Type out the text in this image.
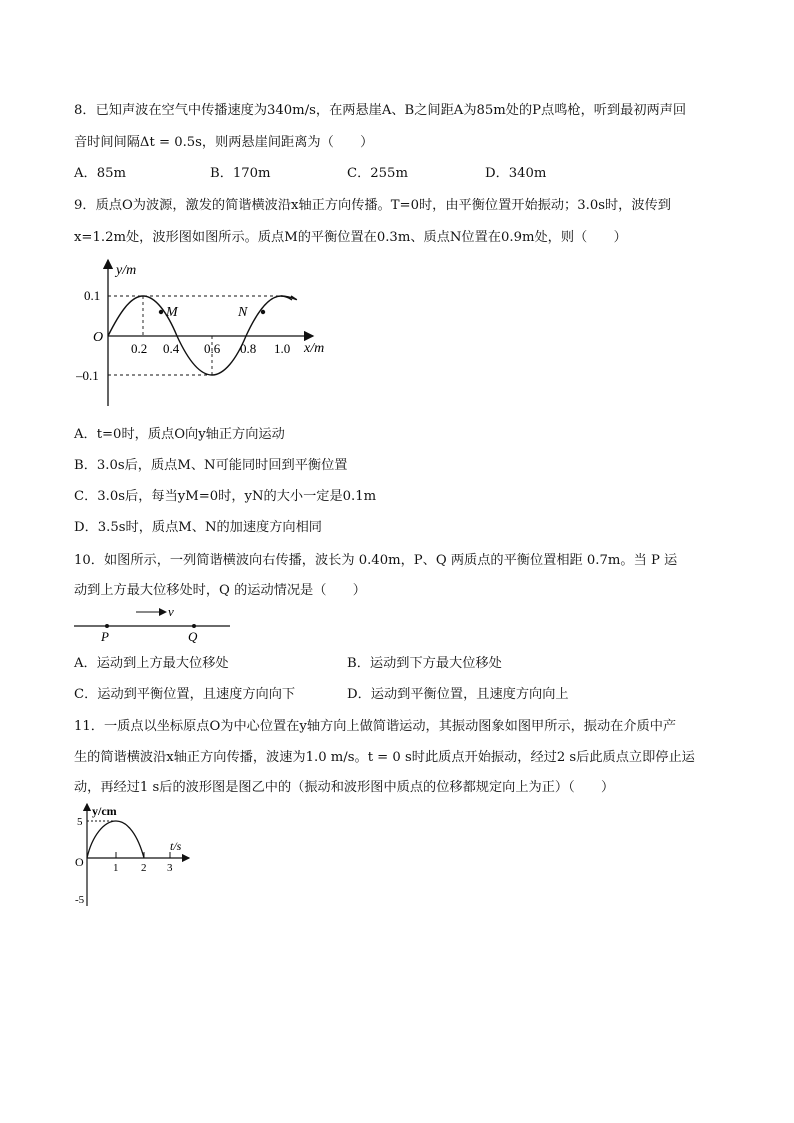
8．已知声波在空气中传播速度为340m/s，在两悬崖A、B之间距A为85m处的P点鸣枪，听到最初两声回
音时间间隔Δt = 0.5s，则两悬崖间距离为（　　）
A．85m	B．170m	C．255m	D．340m
9．质点O为波源，激发的简谐横波沿x轴正方向传播。T=0时，由平衡位置开始振动；3.0s时，波传到
x=1.2m处，波形图如图所示。质点M的平衡位置在0.3m、质点N位置在0.9m处，则（　　）
y/m
x/m
O
0.1
–0.1
0.2 0.4 0.6 0.8 1.0
M	N
A．t=0时，质点O向y轴正方向运动
B．3.0s后，质点M、N可能同时回到平衡位置
C．3.0s后，每当yM=0时，yN的大小一定是0.1m
D．3.5s时，质点M、N的加速度方向相同
10．如图所示，一列简谐横波向右传播，波长为 0.40m，P、Q 两质点的平衡位置相距 0.7m。当 P 运
动到上方最大位移处时，Q 的运动情况是（　　）
v
P	Q
A．运动到上方最大位移处	B．运动到下方最大位移处
C．运动到平衡位置，且速度方向向下	D．运动到平衡位置，且速度方向向上
11．一质点以坐标原点O为中心位置在y轴方向上做简谐运动，其振动图象如图甲所示，振动在介质中产
生的简谐横波沿x轴正方向传播，波速为1.0 m/s。t = 0 s时此质点开始振动，经过2 s后此质点立即停止运
动，再经过1 s后的波形图是图乙中的（振动和波形图中质点的位移都规定向上为正）（　　）
y/cm
t/s
O
5
-5
1 2 3
